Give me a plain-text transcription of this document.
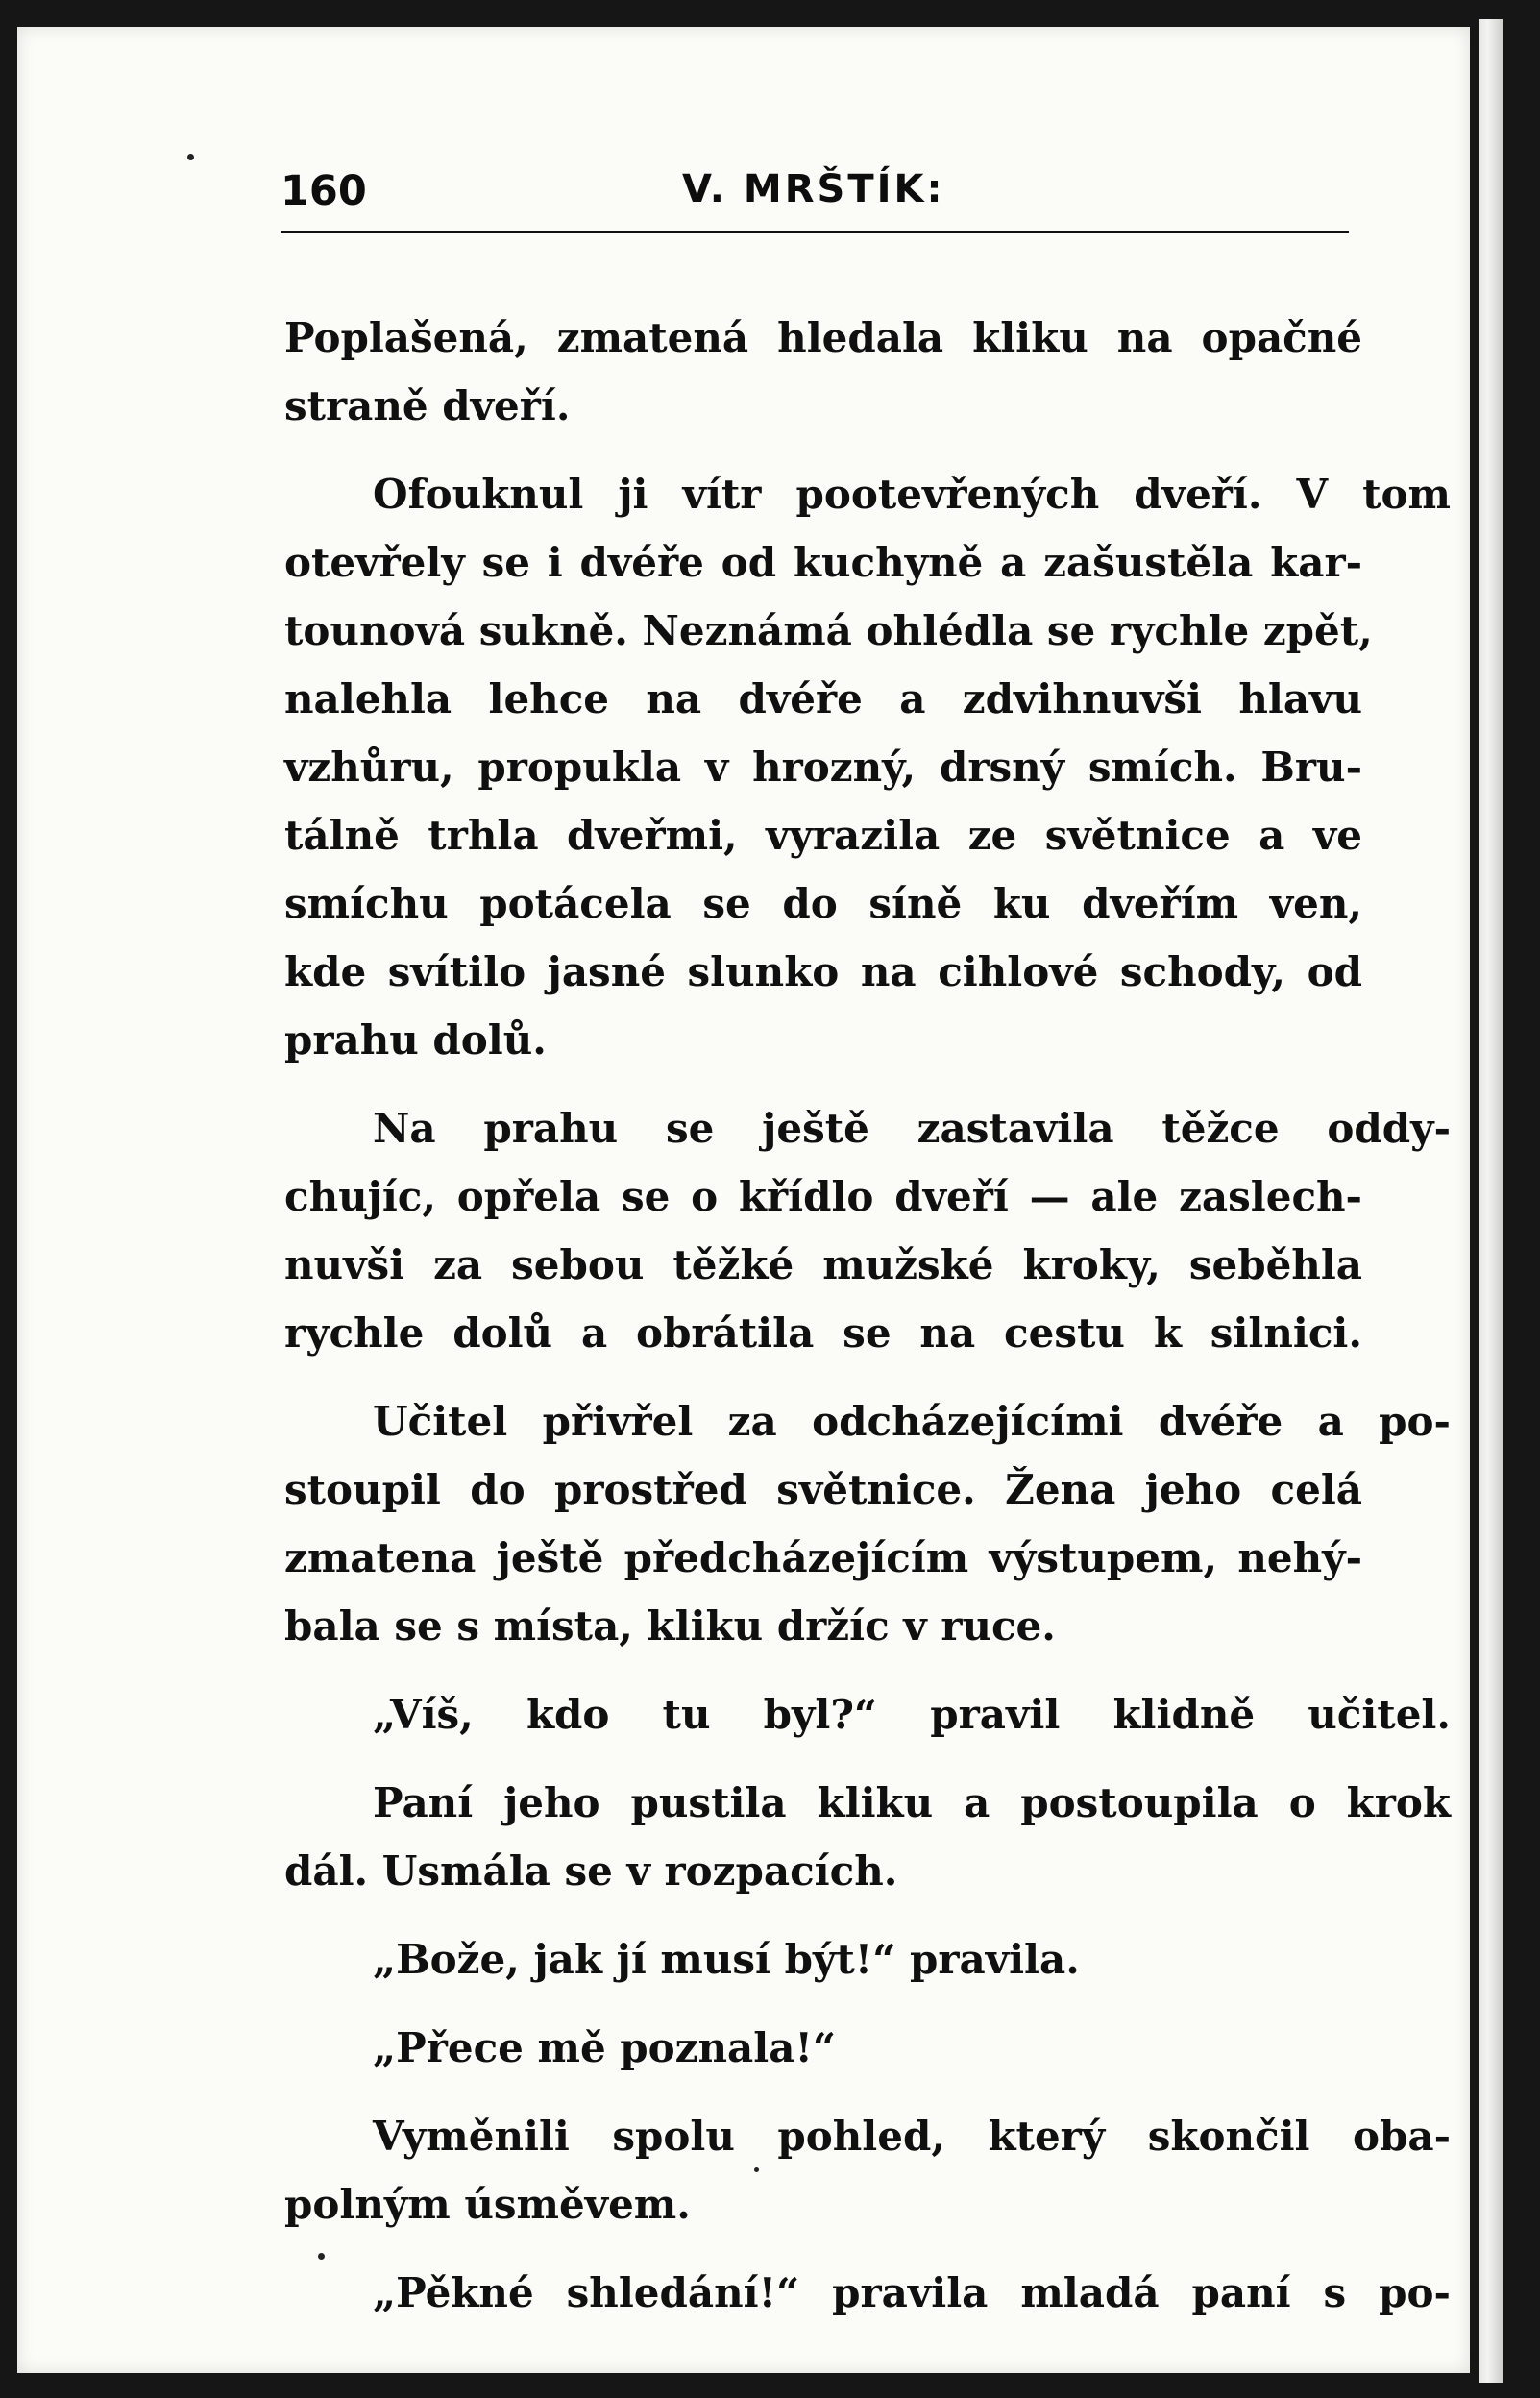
160	V. MRŠTÍK:
Poplašená, zmatená hledala kliku na opačné
straně dveří.
Ofouknul ji vítr pootevřených dveří. V tom
otevřely se i dvéře od kuchyně a zašustěla kar-
tounová sukně. Neznámá ohlédla se rychle zpět,
nalehla lehce na dvéře a zdvihnuvši hlavu
vzhůru, propukla v hrozný, drsný smích. Bru-
tálně trhla dveřmi, vyrazila ze světnice a ve
smíchu potácela se do síně ku dveřím ven,
kde svítilo jasné slunko na cihlové schody, od
prahu dolů.
Na prahu se ještě zastavila těžce oddy-
chujíc, opřela se o křídlo dveří — ale zaslech-
nuvši za sebou těžké mužské kroky, seběhla
rychle dolů a obrátila se na cestu k silnici.
Učitel přivřel za odcházejícími dvéře a po-
stoupil do prostřed světnice. Žena jeho celá
zmatena ještě předcházejícím výstupem, nehý-
bala se s místa, kliku držíc v ruce.
„Víš, kdo tu byl?“ pravil klidně učitel.
Paní jeho pustila kliku a postoupila o krok
dál. Usmála se v rozpacích.
„Bože, jak jí musí být!“ pravila.
„Přece mě poznala!“
Vyměnili spolu pohled, který skončil oba-
polným úsměvem.
„Pěkné shledání!“ pravila mladá paní s po-
